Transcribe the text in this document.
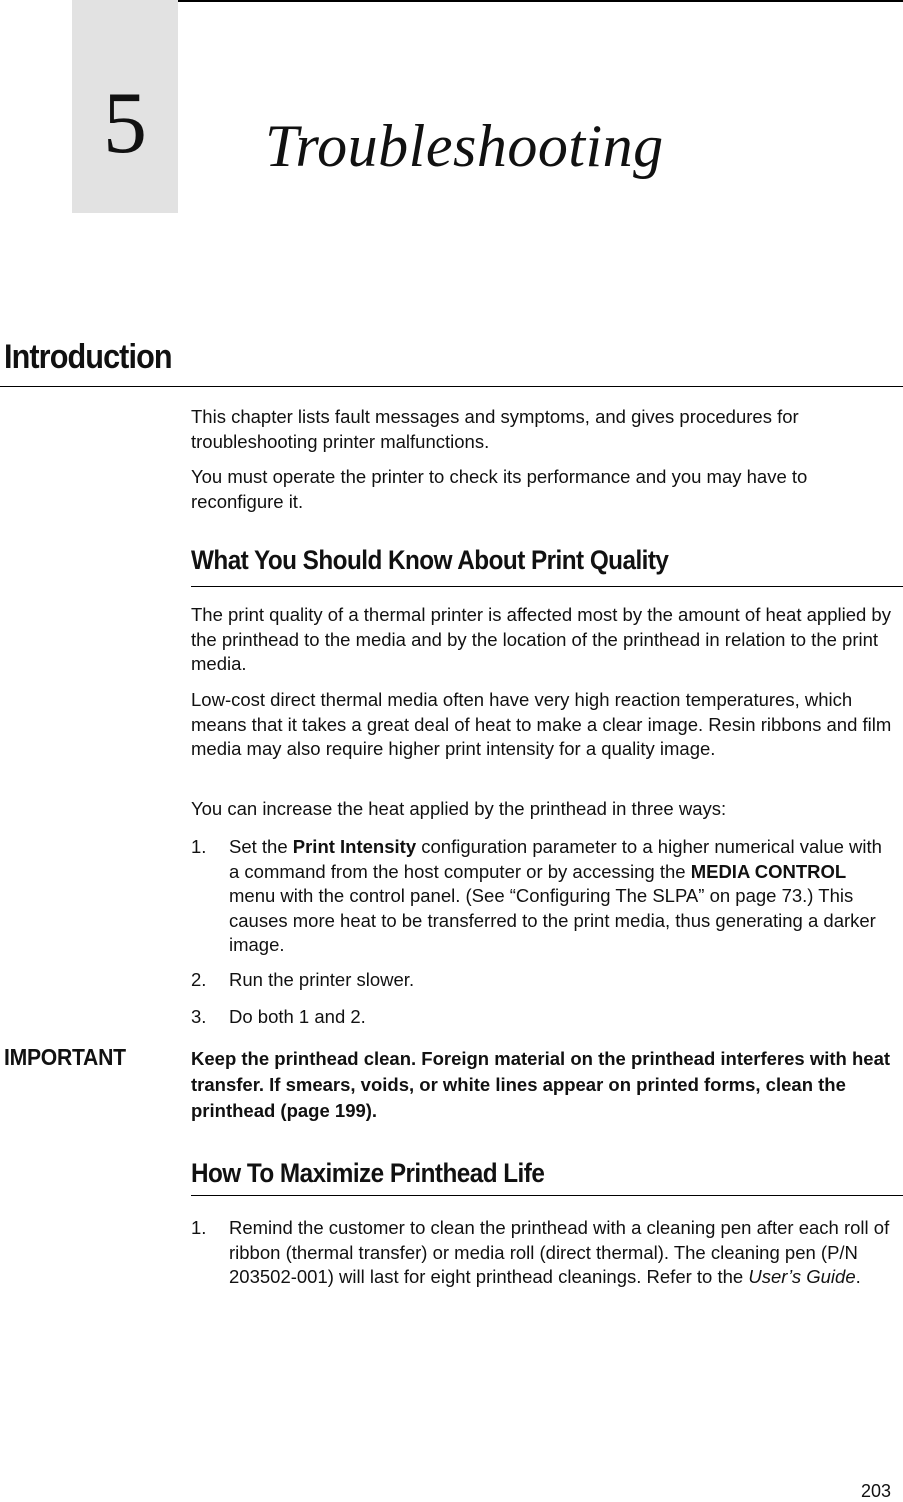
5 Troubleshooting
Introduction

This chapter lists fault messages and symptoms, and gives procedures for troubleshooting printer malfunctions.

You must operate the printer to check its performance and you may have to reconfigure it.

What You Should Know About Print Quality

The print quality of a thermal printer is affected most by the amount of heat applied by the printhead to the media and by the location of the printhead in relation to the print media.

Low-cost direct thermal media often have very high reaction temperatures, which means that it takes a great deal of heat to make a clear image. Resin ribbons and film media may also require higher print intensity for a quality image.

You can increase the heat applied by the printhead in three ways:

1. Set the Print Intensity configuration parameter to a higher numerical value with a command from the host computer or by accessing the MEDIA CONTROL menu with the control panel. (See “Configuring The SLPA” on page 73.) This causes more heat to be transferred to the print media, thus generating a darker image.
2. Run the printer slower.
3. Do both 1 and 2.
IMPORTANT	Keep the printhead clean. Foreign material on the printhead interferes with heat transfer. If smears, voids, or white lines appear on printed forms, clean the printhead (page 199).
How To Maximize Printhead Life
1. Remind the customer to clean the printhead with a cleaning pen after each roll of ribbon (thermal transfer) or media roll (direct thermal). The cleaning pen (P/N 203502-001) will last for eight printhead cleanings. Refer to the User’s Guide.
203
